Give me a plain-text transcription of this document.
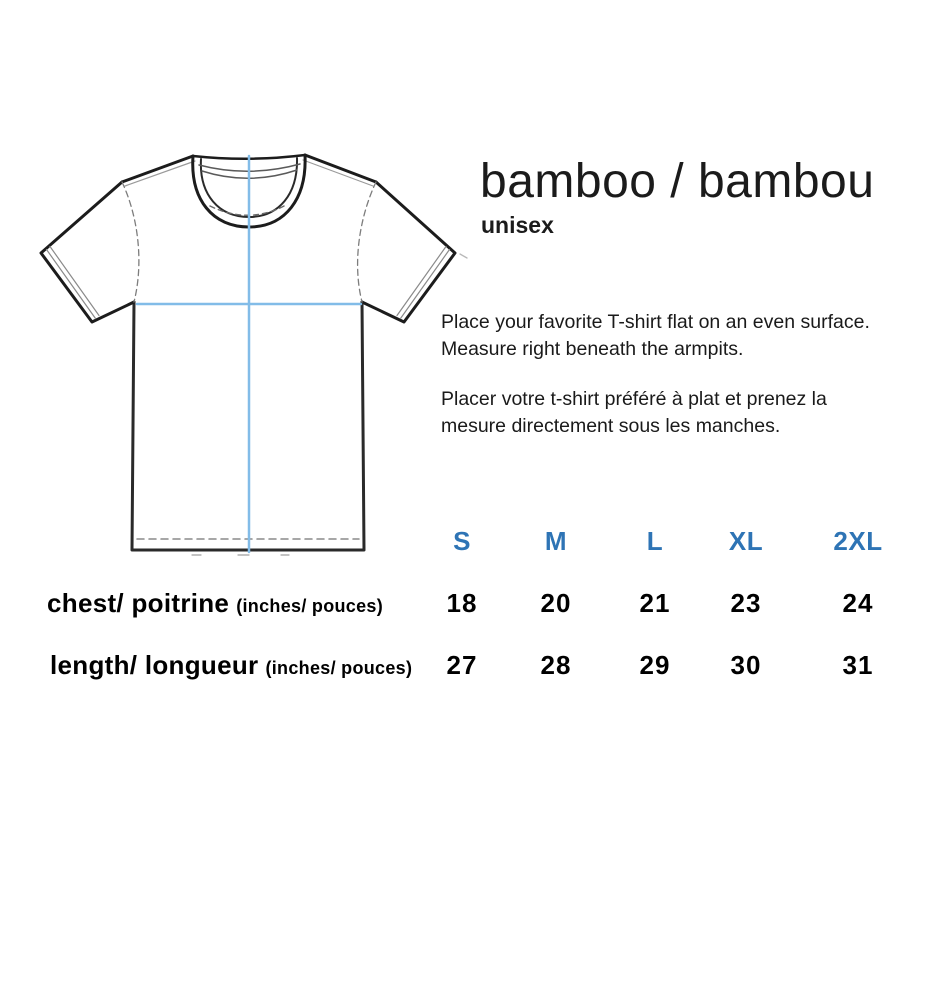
bamboo / bambou
unisex
Place your favorite T-shirt flat on an even surface.
Measure right beneath the armpits.
Placer votre t-shirt préféré à plat et prenez la
mesure directement sous les manches.
S	M	L	XL	2XL
chest/ poitrine (inches/ pouces) 18 20	21 23	24
length/ longueur (inches/ pouces) 27 28	29 30	31
